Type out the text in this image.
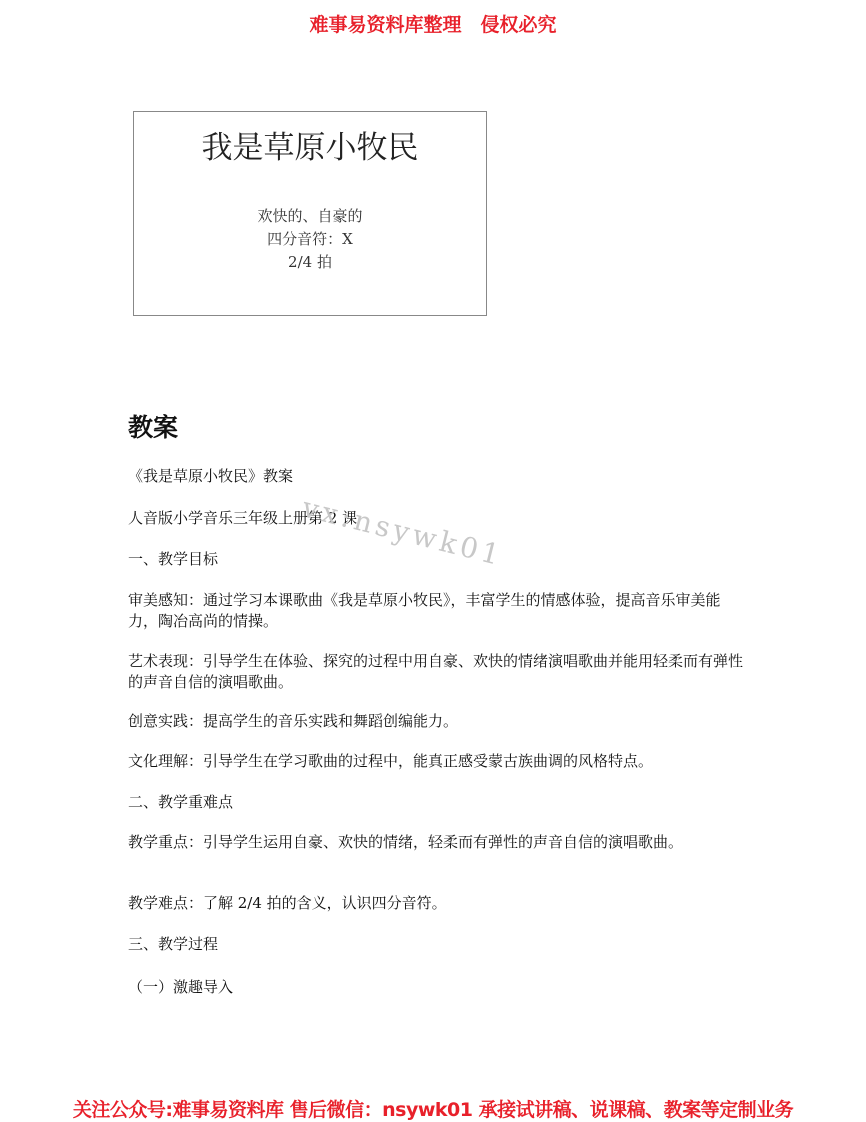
难事易资料库整理　侵权必究
我是草原小牧民
欢快的、自豪的
四分音符：X
2/4 拍
教案
《我是草原小牧民》教案
人音版小学音乐三年级上册第 2 课
一、教学目标
审美感知：通过学习本课歌曲《我是草原小牧民》，丰富学生的情感体验，提高音乐审美能力，陶冶高尚的情操。
艺术表现：引导学生在体验、探究的过程中用自豪、欢快的情绪演唱歌曲并能用轻柔而有弹性的声音自信的演唱歌曲。
创意实践：提高学生的音乐实践和舞蹈创编能力。
文化理解：引导学生在学习歌曲的过程中，能真正感受蒙古族曲调的风格特点。
二、教学重难点
教学重点：引导学生运用自豪、欢快的情绪，轻柔而有弹性的声音自信的演唱歌曲。
教学难点：了解 2/4 拍的含义，认识四分音符。
三、教学过程
（一）激趣导入
vx:nsywk01
关注公众号:难事易资料库 售后微信：nsywk01 承接试讲稿、说课稿、教案等定制业务
